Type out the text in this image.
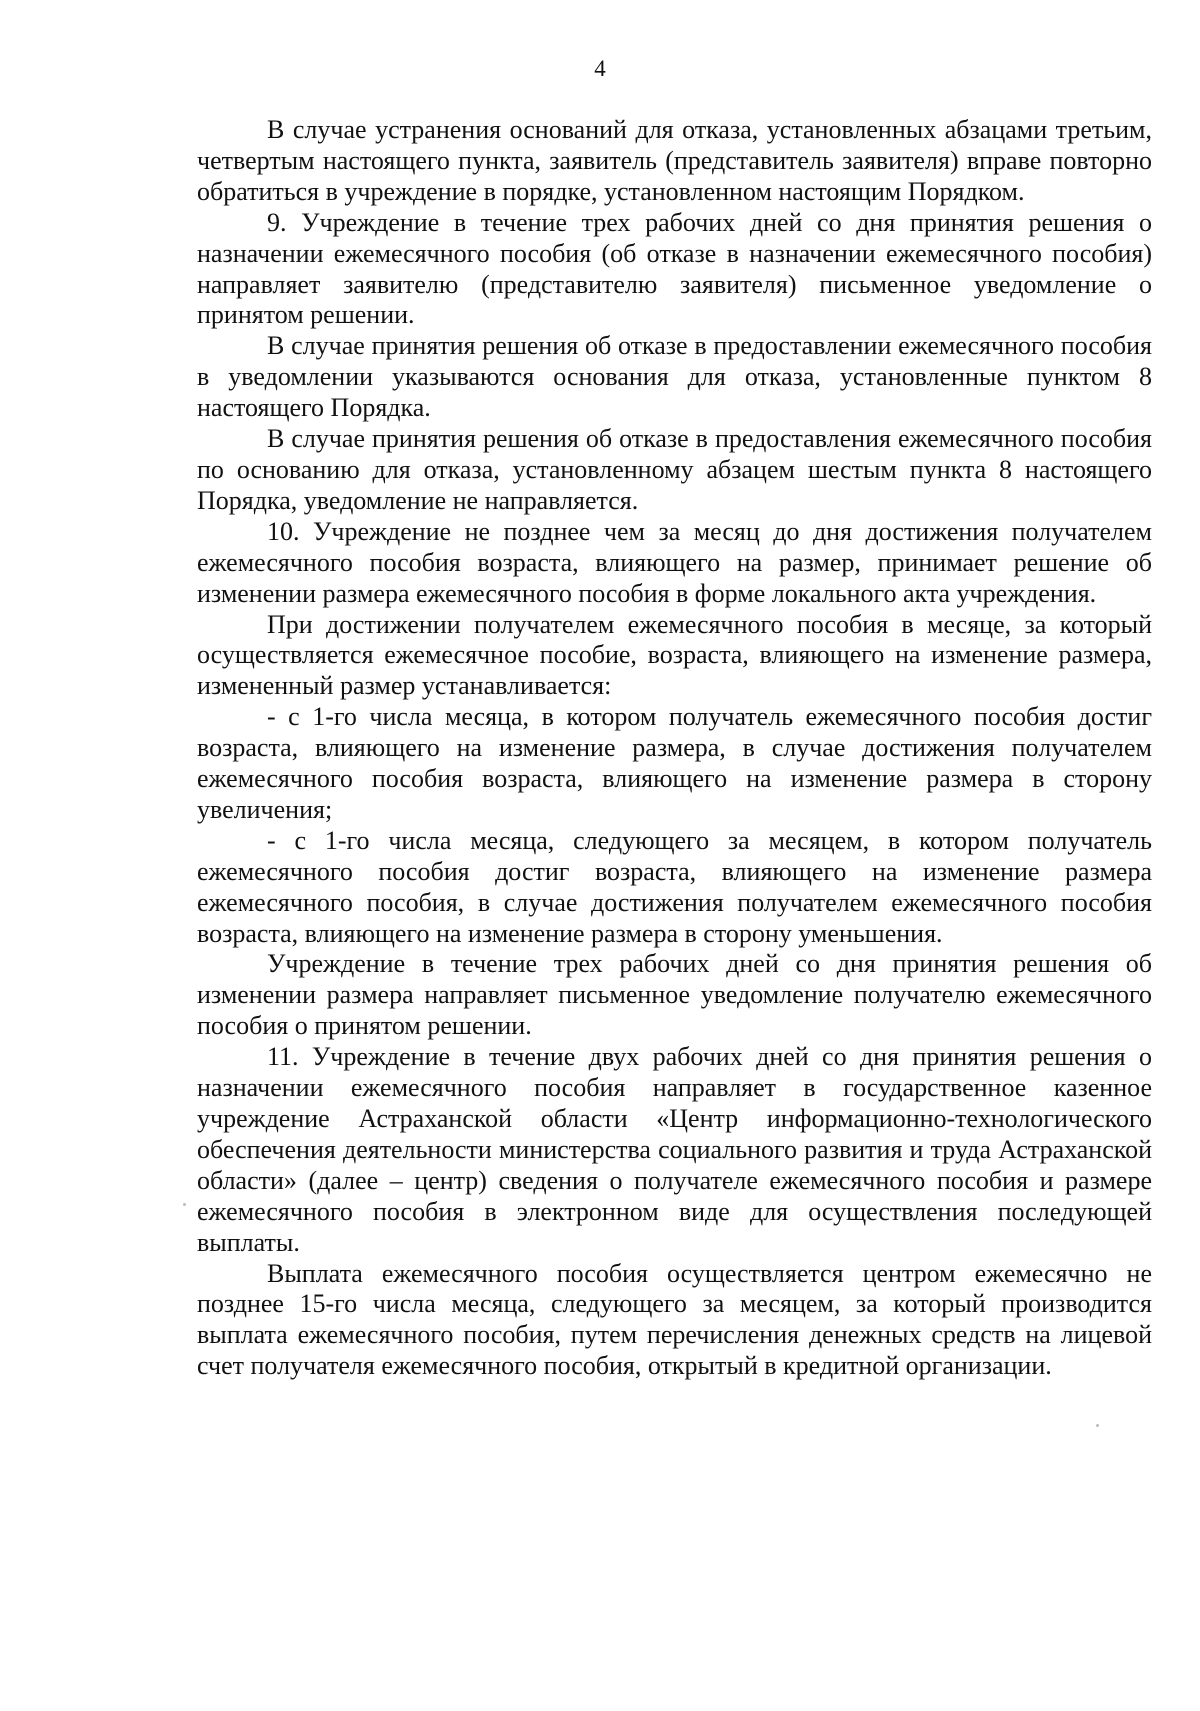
4

В случае устранения оснований для отказа, установленных абзацами третьим, четвертым настоящего пункта, заявитель (представитель заявителя) вправе повторно обратиться в учреждение в порядке, установленном настоящим Порядком.

9. Учреждение в течение трех рабочих дней со дня принятия решения о назначении ежемесячного пособия (об отказе в назначении ежемесячного пособия) направляет заявителю (представителю заявителя) письменное уведомление о принятом решении.

В случае принятия решения об отказе в предоставлении ежемесячного пособия в уведомлении указываются основания для отказа, установленные пунктом 8 настоящего Порядка.

В случае принятия решения об отказе в предоставления ежемесячного пособия по основанию для отказа, установленному абзацем шестым пункта 8 настоящего Порядка, уведомление не направляется.

10. Учреждение не позднее чем за месяц до дня достижения получателем ежемесячного пособия возраста, влияющего на размер, принимает решение об изменении размера ежемесячного пособия в форме локального акта учреждения.

При достижении получателем ежемесячного пособия в месяце, за который осуществляется ежемесячное пособие, возраста, влияющего на изменение размера, измененный размер устанавливается:

- с 1-го числа месяца, в котором получатель ежемесячного пособия достиг возраста, влияющего на изменение размера, в случае достижения получателем ежемесячного пособия возраста, влияющего на изменение размера в сторону увеличения;

- с 1-го числа месяца, следующего за месяцем, в котором получатель ежемесячного пособия достиг возраста, влияющего на изменение размера ежемесячного пособия, в случае достижения получателем ежемесячного пособия возраста, влияющего на изменение размера в сторону уменьшения.

Учреждение в течение трех рабочих дней со дня принятия решения об изменении размера направляет письменное уведомление получателю ежемесячного пособия о принятом решении.

11. Учреждение в течение двух рабочих дней со дня принятия решения о назначении ежемесячного пособия направляет в государственное казенное учреждение Астраханской области «Центр информационно-технологического обеспечения деятельности министерства социального развития и труда Астраханской области» (далее – центр) сведения о получателе ежемесячного пособия и размере ежемесячного пособия в электронном виде для осуществления последующей выплаты.

Выплата ежемесячного пособия осуществляется центром ежемесячно не позднее 15-го числа месяца, следующего за месяцем, за который производится выплата ежемесячного пособия, путем перечисления денежных средств на лицевой счет получателя ежемесячного пособия, открытый в кредитной организации.
